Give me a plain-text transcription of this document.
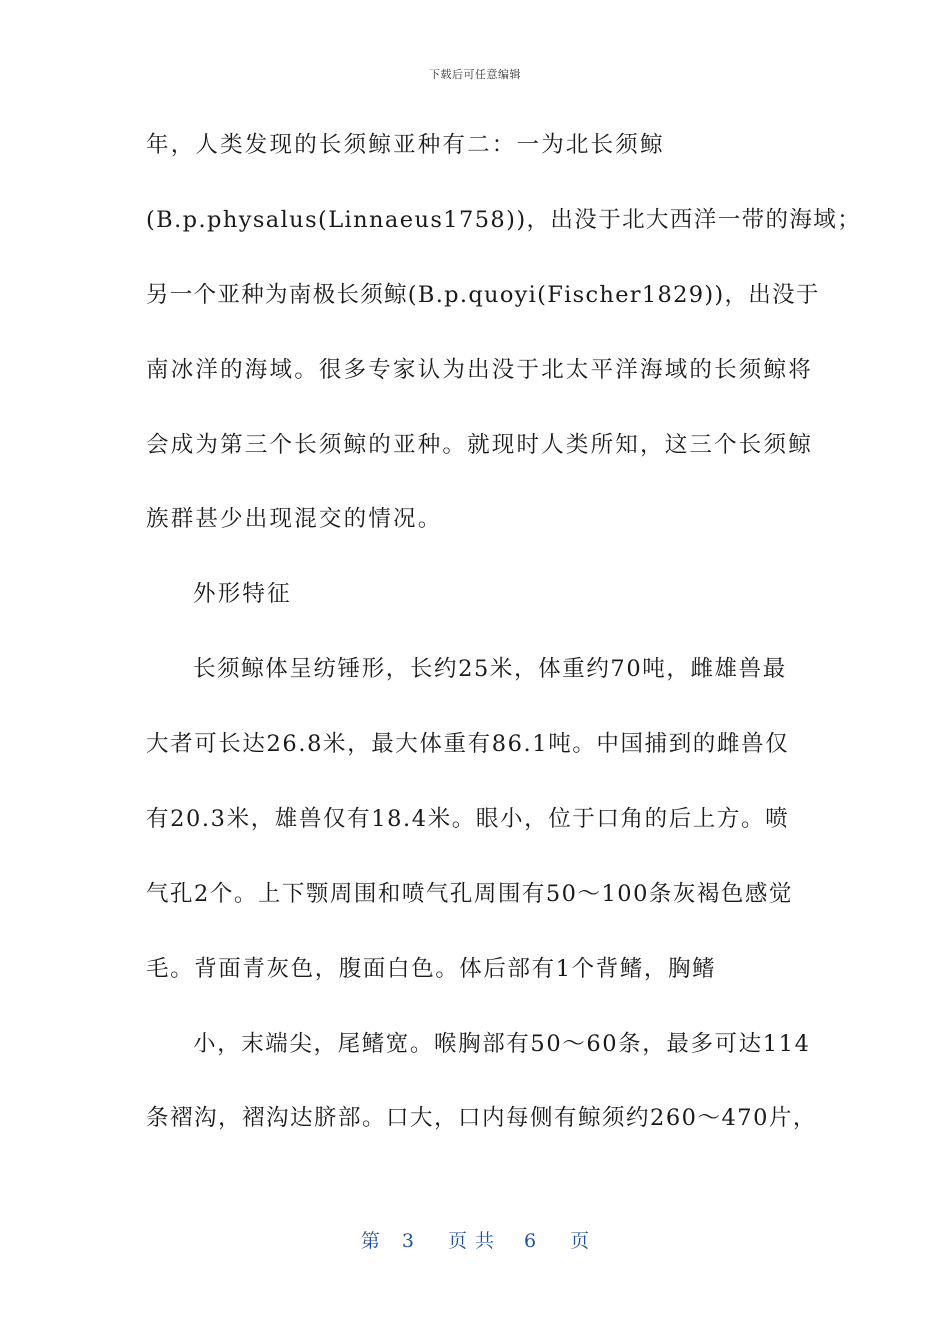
下载后可任意编辑
年，人类发现的长须鲸亚种有二：一为北长须鲸
(B.p.physalus(Linnaeus1758))，出没于北大西洋一带的海域；
另一个亚种为南极长须鲸(B.p.quoyi(Fischer1829))，出没于
南冰洋的海域。很多专家认为出没于北太平洋海域的长须鲸将
会成为第三个长须鲸的亚种。就现时人类所知，这三个长须鲸
族群甚少出现混交的情况。
外形特征
长须鲸体呈纺锤形，长约25米，体重约70吨，雌雄兽最
大者可长达26.8米，最大体重有86.1吨。中国捕到的雌兽仅
有20.3米，雄兽仅有18.4米。眼小，位于口角的后上方。喷
气孔2个。上下颚周围和喷气孔周围有50～100条灰褐色感觉
毛。背面青灰色，腹面白色。体后部有1个背鳍，胸鳍
小，末端尖，尾鳍宽。喉胸部有50～60条，最多可达114
条褶沟，褶沟达脐部。口大，口内每侧有鲸须约260～470片，
第 3 页共 6 页
